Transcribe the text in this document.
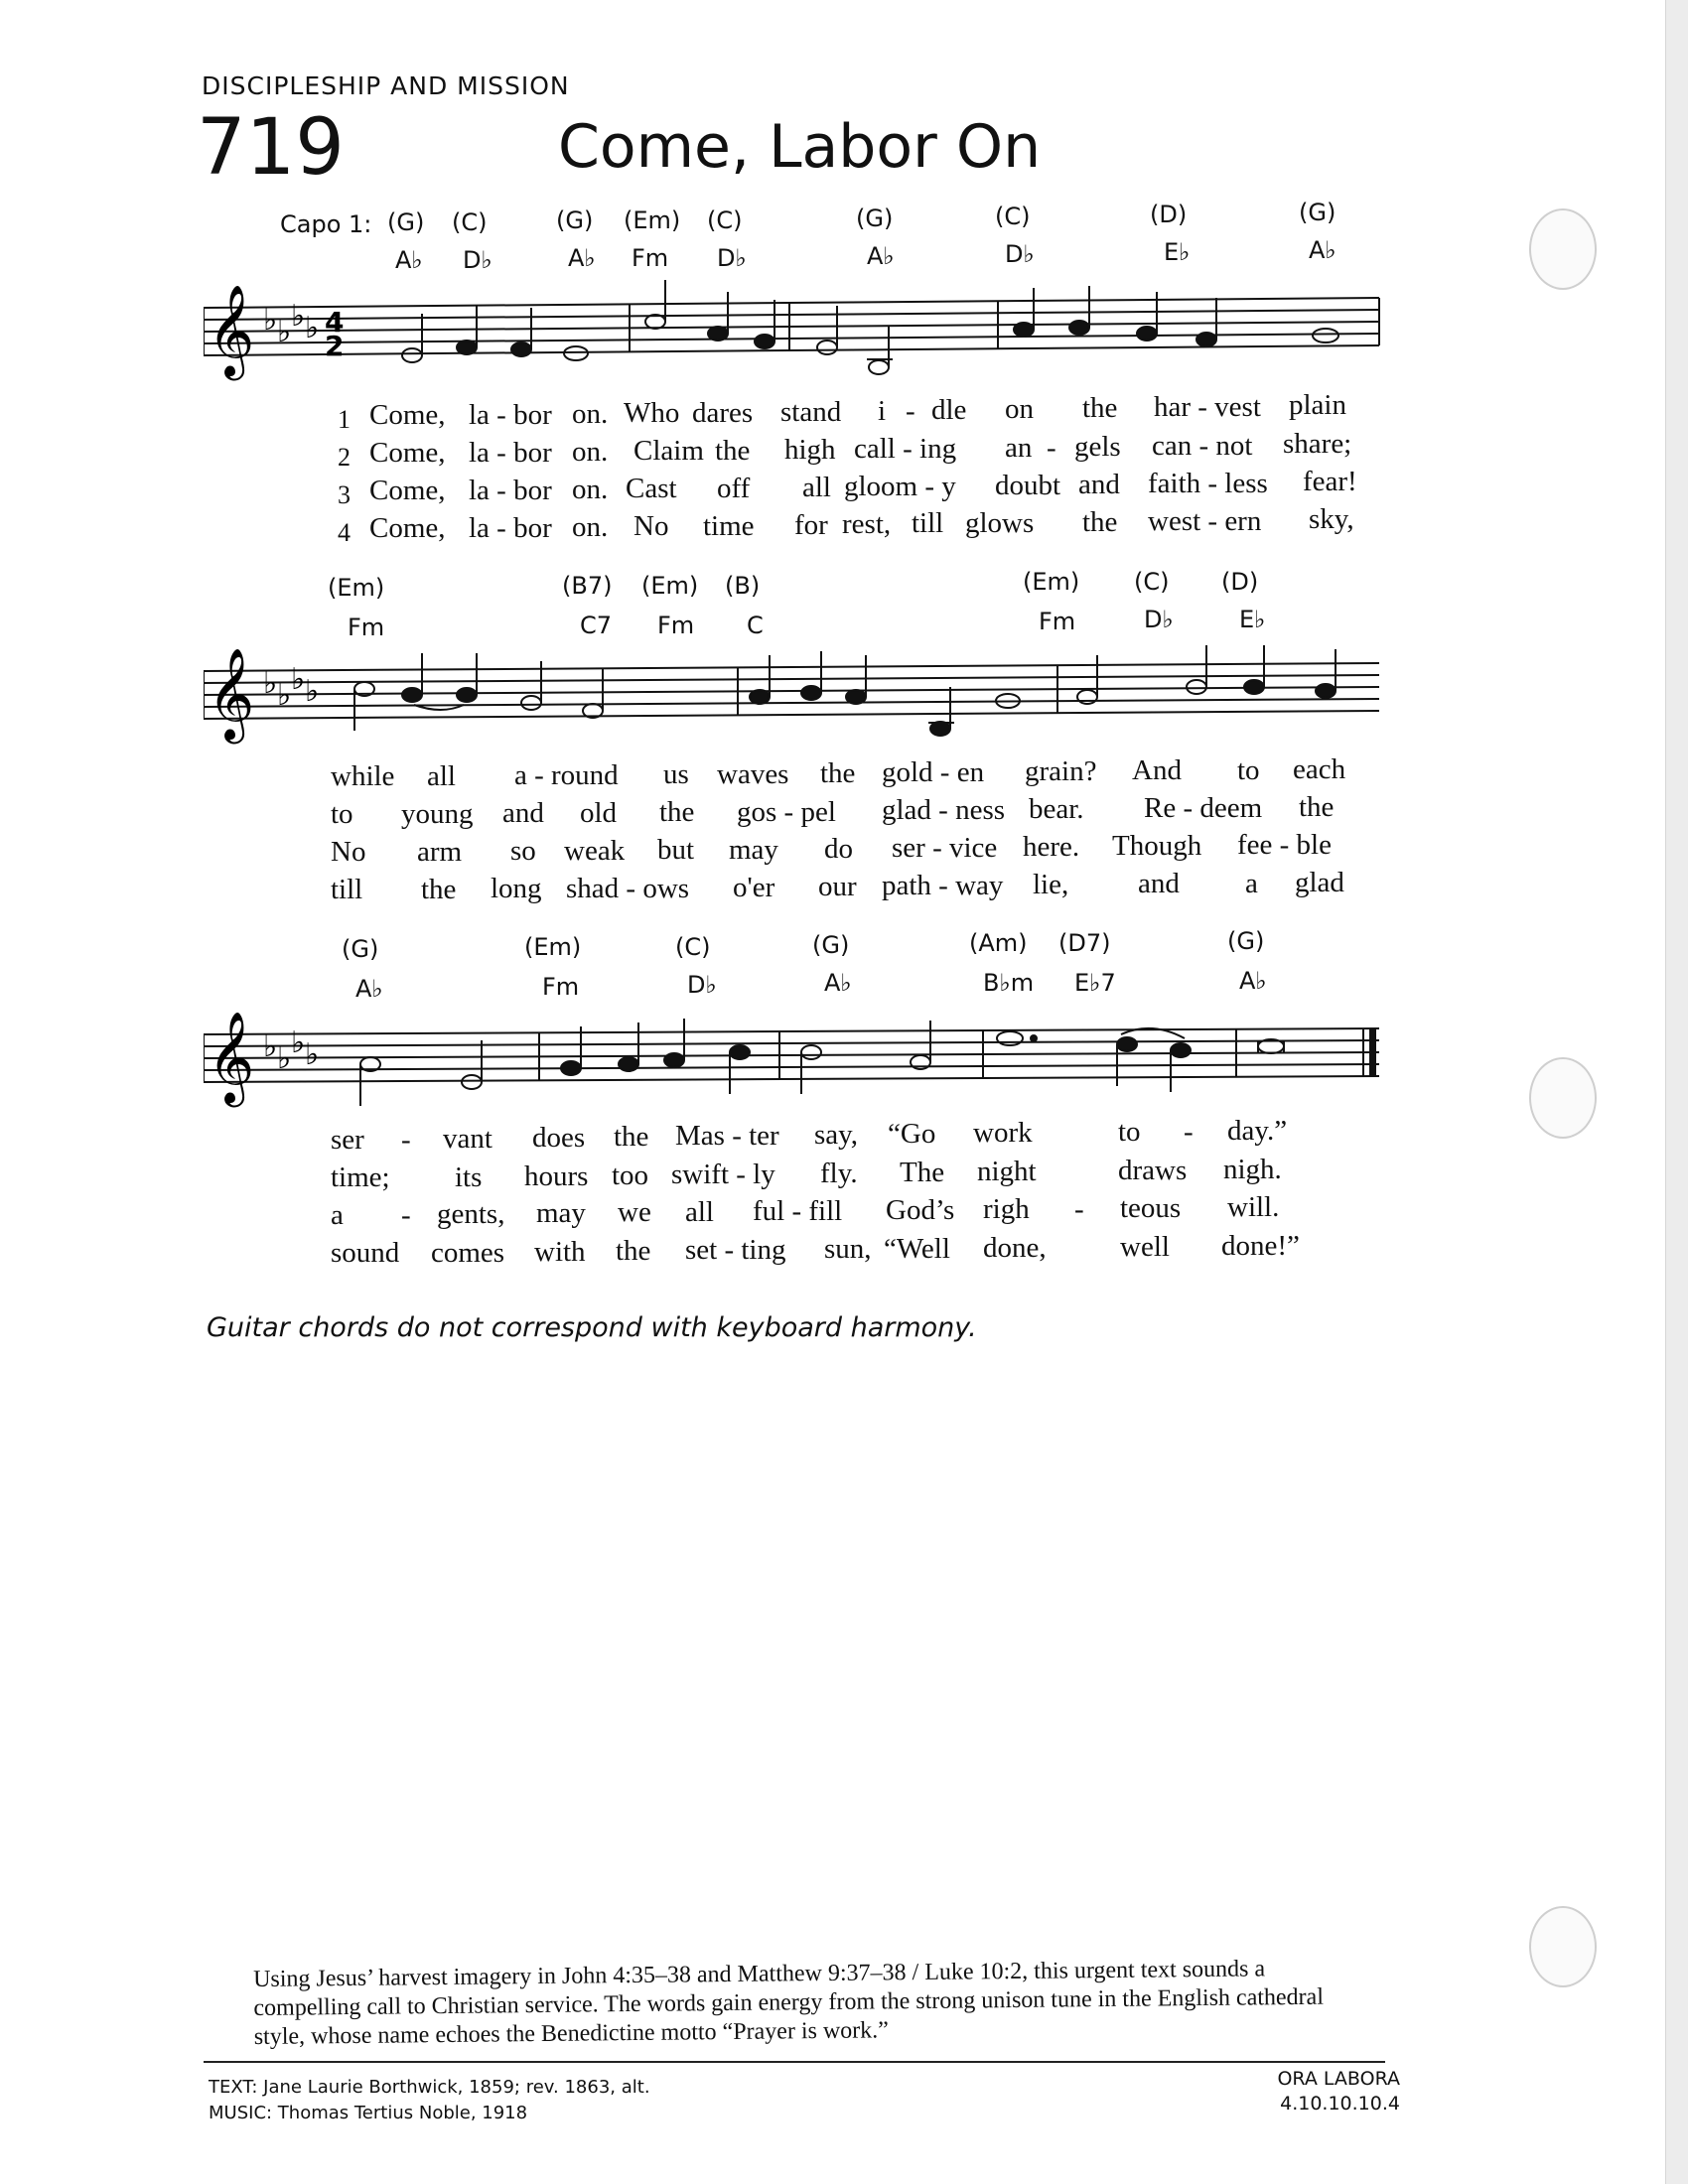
DISCIPLESHIP AND MISSION
719	Come, Labor On
Capo 1: (G) (C)	(G) (Em) (C)	(G)	(C)	(D)	(G)
A♭ D♭	A♭ Fm D♭	A♭	D♭	E♭	A♭
𝄞 ♭ ♭ ♭ ♭ 4
2
1
2
3
4
Come, la - bor on. Who dares stand i - dle on the har - vest plain
Come, la - bor on. Claim the high call - ing an - gels can - not share;
Come, la - bor on. Cast off all gloom - y doubt and faith - less fear!
Come, la - bor on. No time for rest, till glows the west - ern sky,
(Em)	(B7) (Em) (B)	(Em) (C) (D)
Fm	C7 Fm C	Fm	D♭	E♭
𝄞 ♭ ♭ ♭ ♭
while all a - round us waves the gold - en grain? And to each
to young and old the gos - pel glad - ness bear. Re - deem the
No arm so weak but may do ser - vice here. Though fee - ble
till the long shad - ows o'er our path - way lie, and a glad
(G)	(Em)	(C)	(G)	(Am) (D7)	(G)
A♭	Fm	D♭	A♭	B♭m E♭7	A♭
𝄞 ♭ ♭ ♭ ♭
ser - vant does the Mas - ter say, “Go work	to - day.”
time; its hours too swift - ly fly. The night	draws nigh.
a - gents, may we all ful - fill God’s righ - teous will.
sound comes with the set - ting sun, “Well done,	well done!”
Guitar chords do not correspond with keyboard harmony.
Using Jesus’ harvest imagery in John 4:35–38 and Matthew 9:37–38 / Luke 10:2, this urgent text sounds a compelling call to Christian service. The words gain energy from the strong unison tune in the English cathedral style, whose name echoes the Benedictine motto “Prayer is work.”
TEXT: Jane Laurie Borthwick, 1859; rev. 1863, alt.
MUSIC: Thomas Tertius Noble, 1918
ORA LABORA
4.10.10.10.4
